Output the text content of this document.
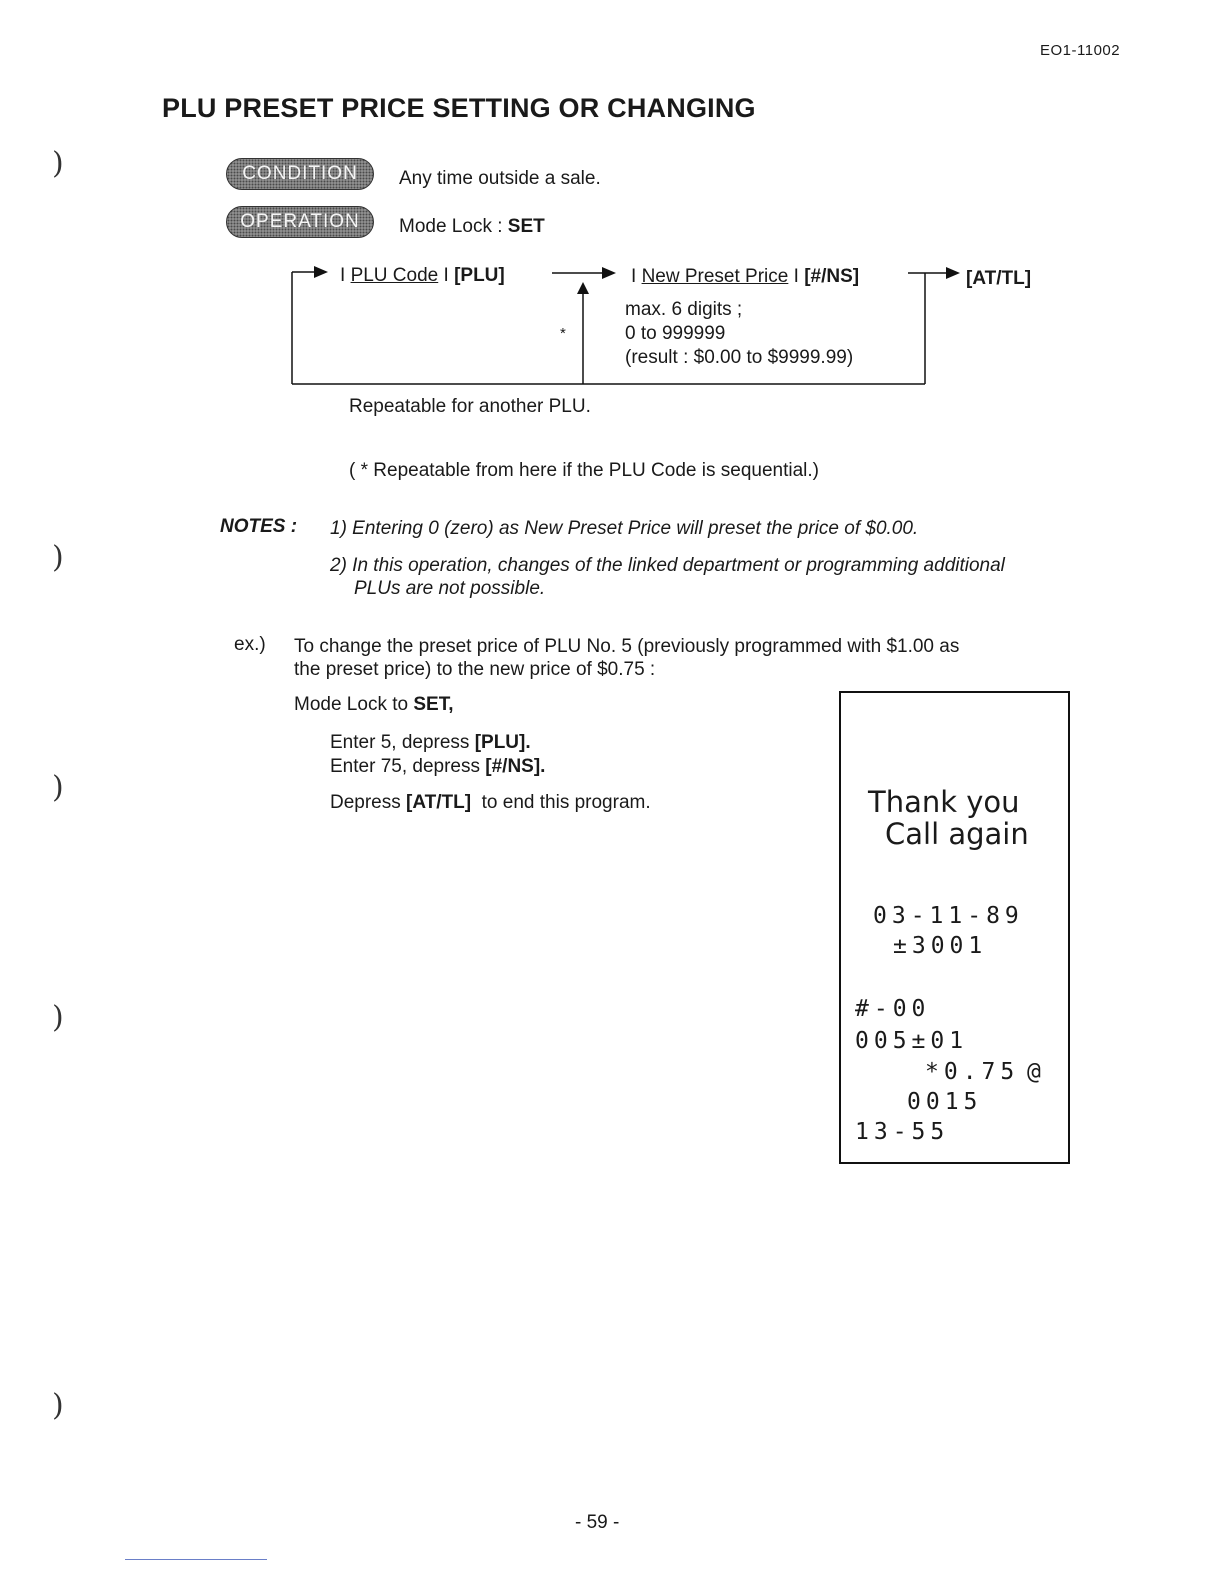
EO1-11002
PLU PRESET PRICE SETTING OR CHANGING
)
)
)
)
)
CONDITION	Any time outside a sale.
OPERATION	Mode Lock : SET
I PLU Code I [PLU]	I New Preset Price I [#/NS]	[AT/TL]
max. 6 digits ;
0 to 999999
(result : $0.00 to $9999.99)
*
Repeatable for another PLU.
( * Repeatable from here if the PLU Code is sequential.)
NOTES : 1) Entering 0 (zero) as New Preset Price will preset the price of $0.00.
2) In this operation, changes of the linked department or programming additional
PLUs are not possible.
ex.) To change the preset price of PLU No. 5 (previously programmed with $1.00 as
the preset price) to the new price of $0.75 :
Mode Lock to SET,
Enter 5, depress [PLU].
Enter 75, depress [#/NS].
Depress [AT/TL]  to end this program.	Thank you
Call again
03-11-89
±3001
#-00
005±01
*0.75 @
0015
13-55
- 59 -
